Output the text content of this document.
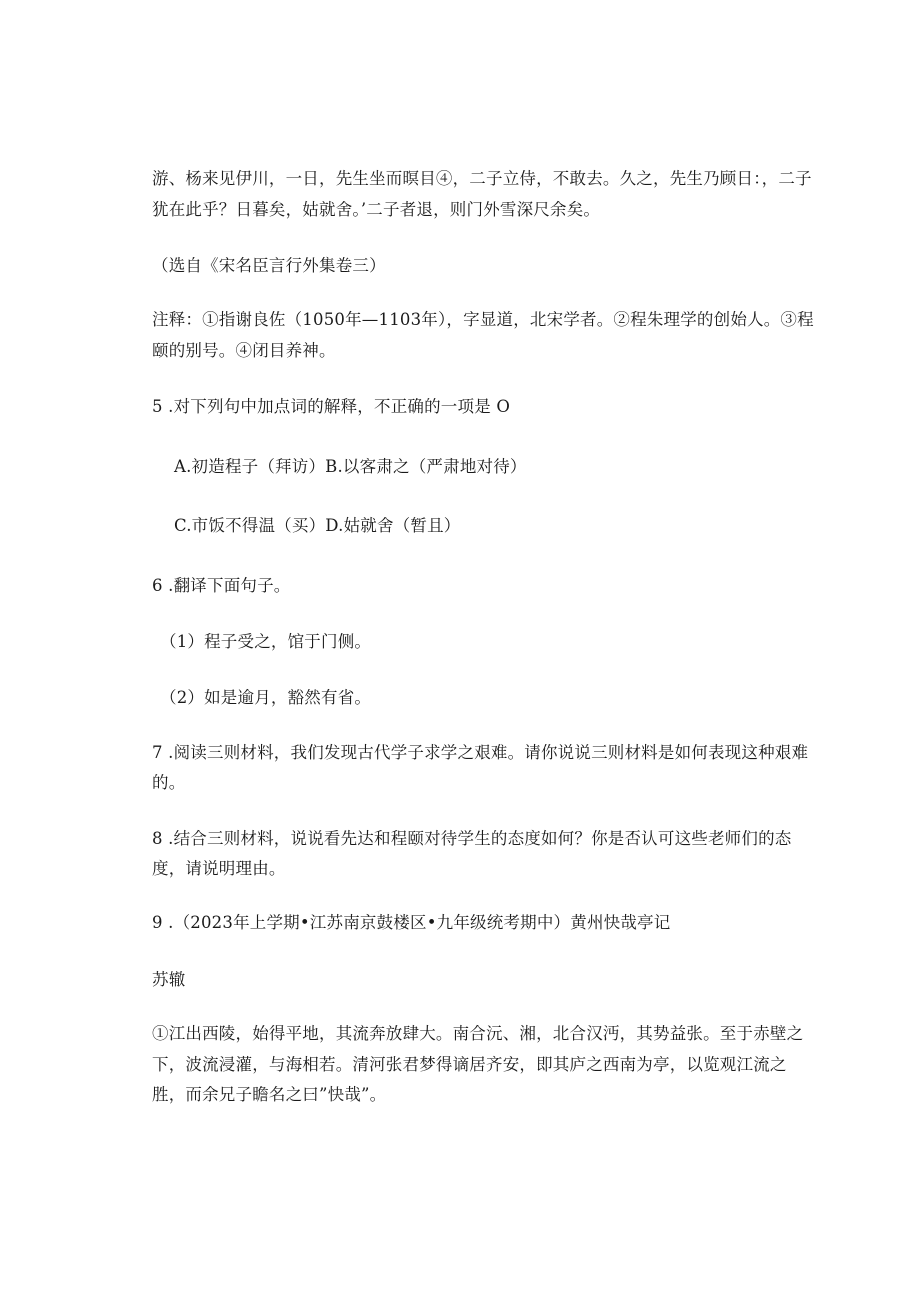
游、杨来见伊川，一日，先生坐而暝目④，二子立侍，不敢去。久之，先生乃顾日：，二子
犹在此乎？日暮矣，姑就舍。’二子者退，则门外雪深尺余矣。
（选自《宋名臣言行外集卷三）
注释：①指谢良佐（1050年—1103年），字显道，北宋学者。②程朱理学的创始人。③程
颐的别号。④闭目养神。
5 .对下列句中加点词的解释，不正确的一项是 O
A.初造程子（拜访）B.以客肃之（严肃地对待）
C.市饭不得温（买）D.姑就舍（暂且）
6 .翻译下面句子。
（1）程子受之，馆于门侧。
（2）如是逾月，豁然有省。
7 .阅读三则材料，我们发现古代学子求学之艰难。请你说说三则材料是如何表现这种艰难
的。
8 .结合三则材料，说说看先达和程颐对待学生的态度如何？你是否认可这些老师们的态
度，请说明理由。
9 .（2023年上学期•江苏南京鼓楼区•九年级统考期中）黄州快哉亭记
苏辙
①江出西陵，始得平地，其流奔放肆大。南合沅、湘，北合汉沔，其势益张。至于赤壁之
下，波流浸灌，与海相若。清河张君梦得谪居齐安，即其庐之西南为亭，以览观江流之
胜，而余兄子瞻名之曰”快哉”。
